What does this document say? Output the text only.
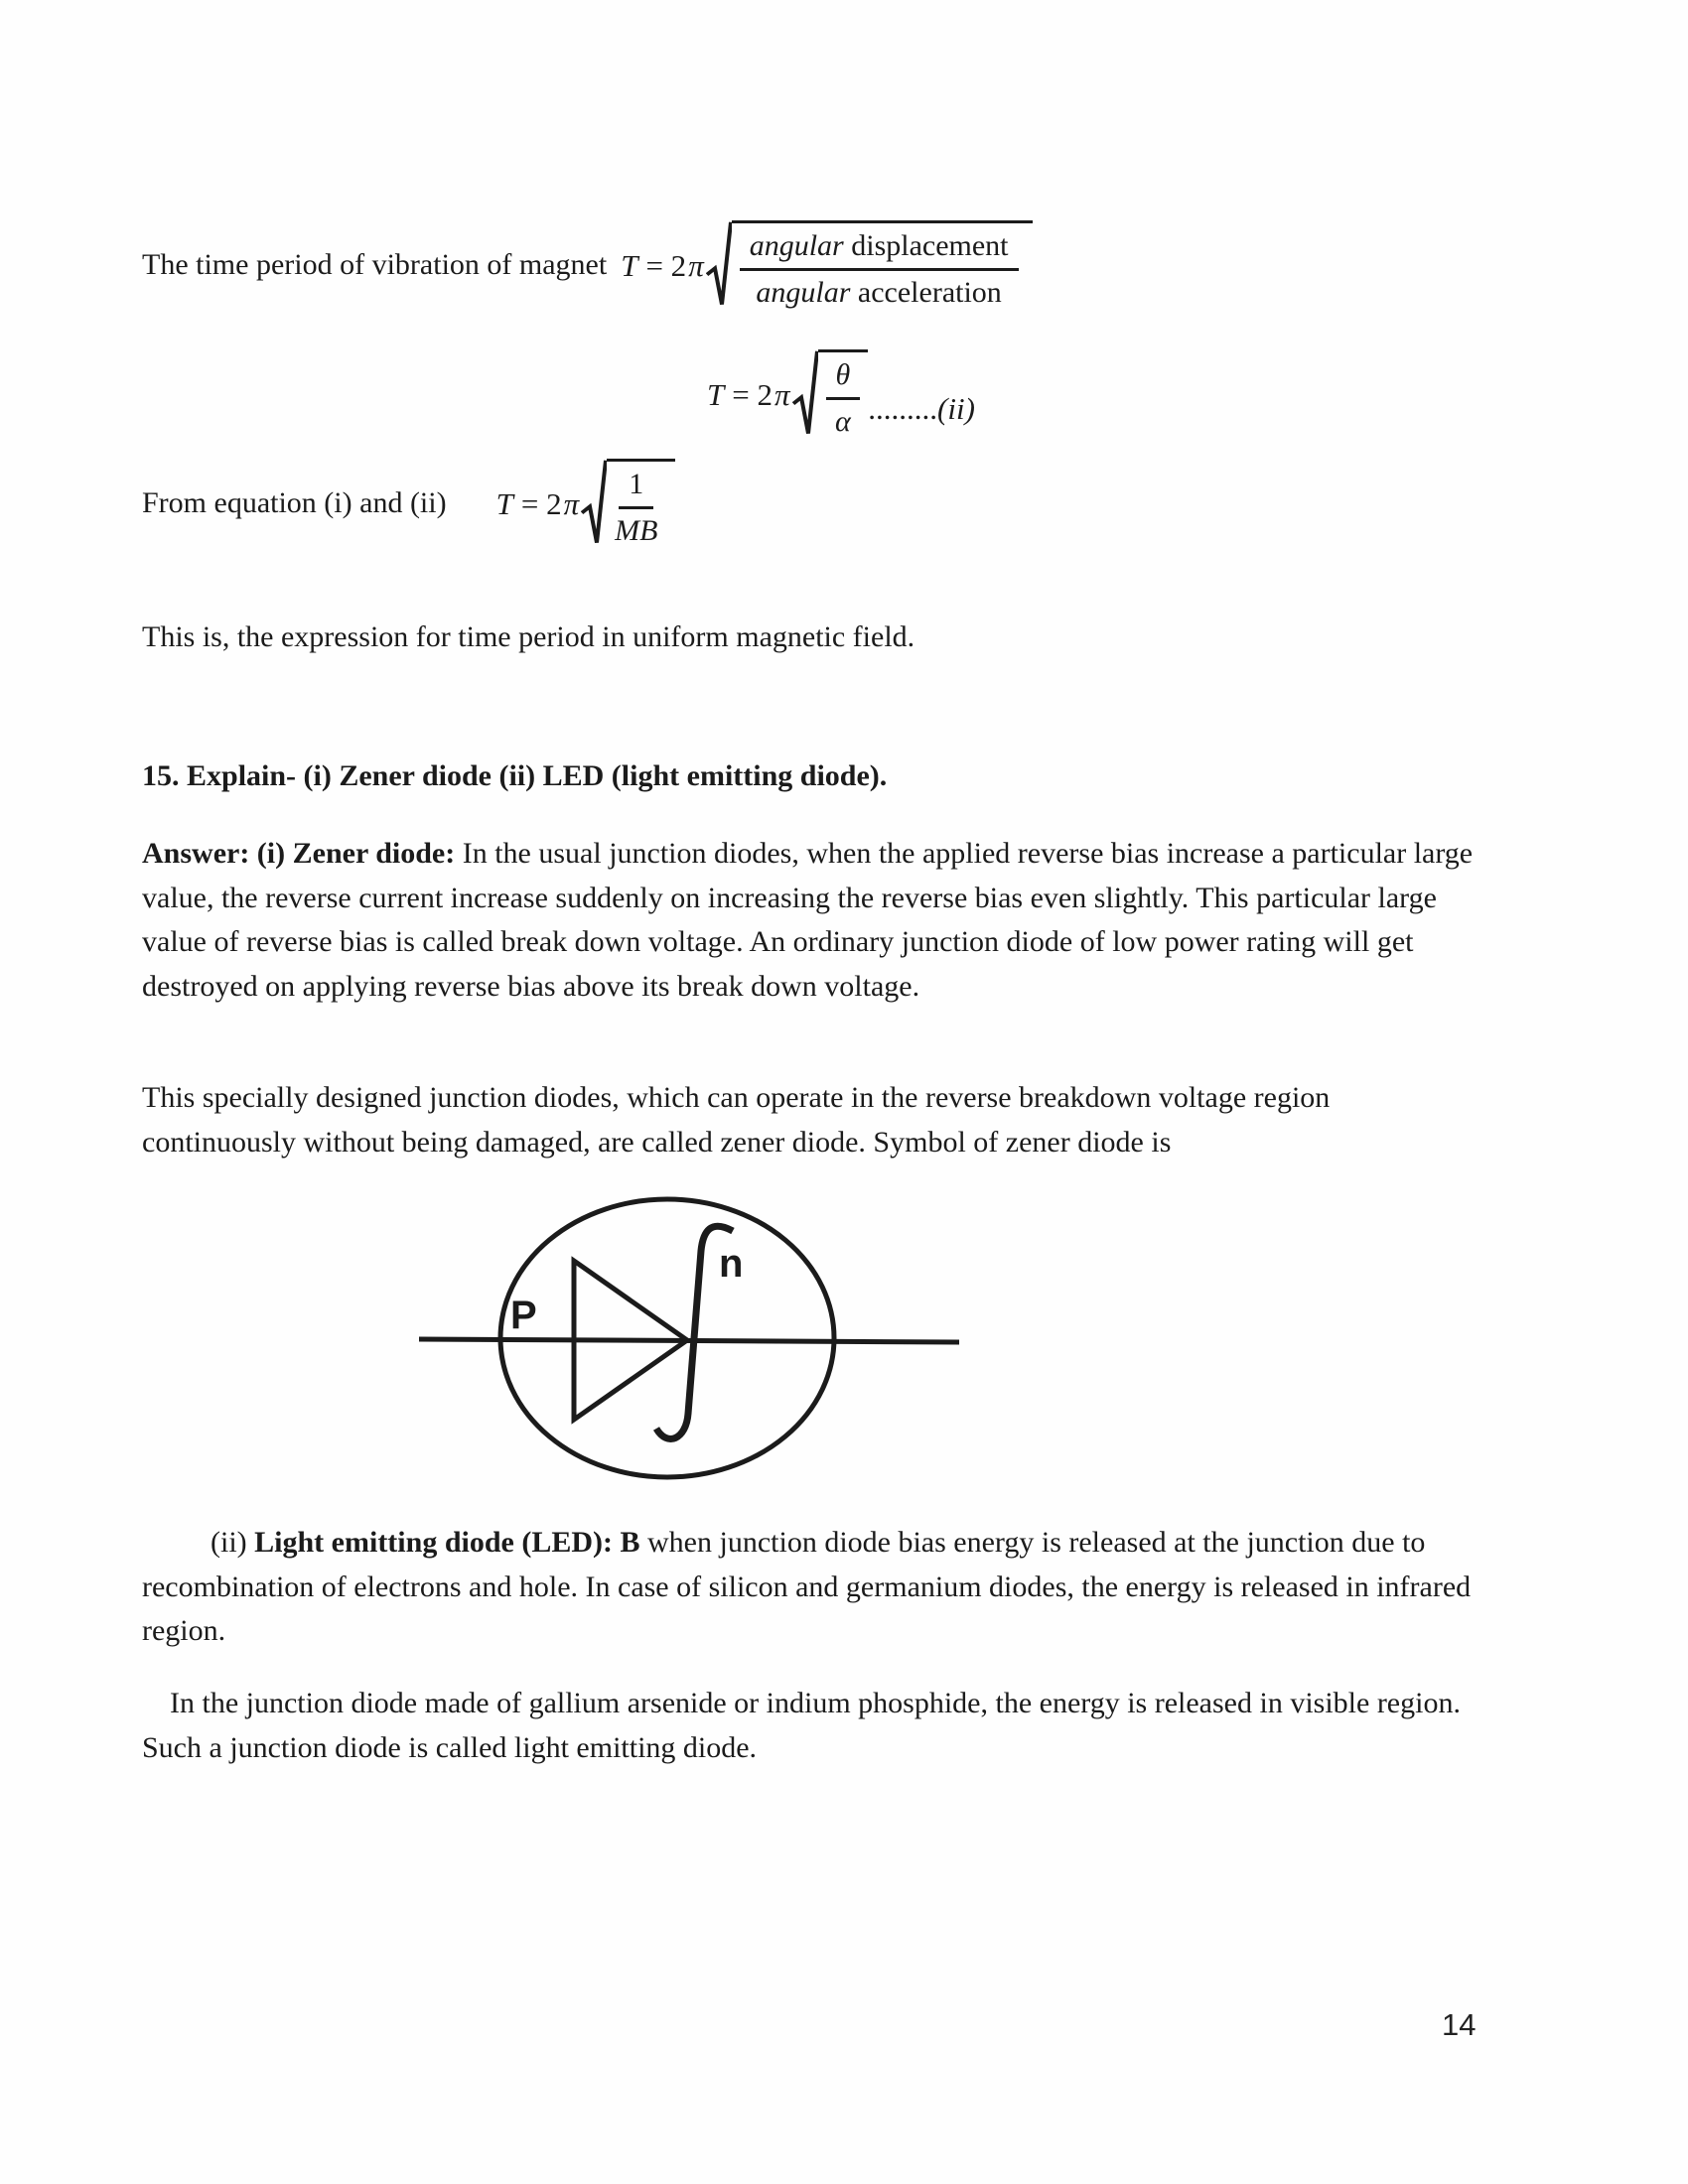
The time period of vibration of magnet T = 2 π $\frac{\text{angular displacement}}{\text{angular acceleration}}$
T = 2 π $\frac{\theta}{\alpha} .........(ii)$
From equation (i) and (ii) T = 2 π $\frac{1}{MB}$
This is, the expression for time period in uniform magnetic field.
15. Explain- (i) Zener diode (ii) LED (light emitting diode).
Answer: (i) Zener diode: In the usual junction diodes, when the applied reverse bias increase a particular large value, the reverse current increase suddenly on increasing the reverse bias even slightly. This particular large value of reverse bias is called break down voltage. An ordinary junction diode of low power rating will get destroyed on applying reverse bias above its break down voltage.
This specially designed junction diodes, which can operate in the reverse breakdown voltage region continuously without being damaged, are called zener diode. Symbol of zener diode is
P
n
(ii) Light emitting diode (LED): B when junction diode bias energy is released at the junction due to recombination of electrons and hole. In case of silicon and germanium diodes, the energy is released in infrared region.
In the junction diode made of gallium arsenide or indium phosphide, the energy is released in visible region. Such a junction diode is called light emitting diode.
14
